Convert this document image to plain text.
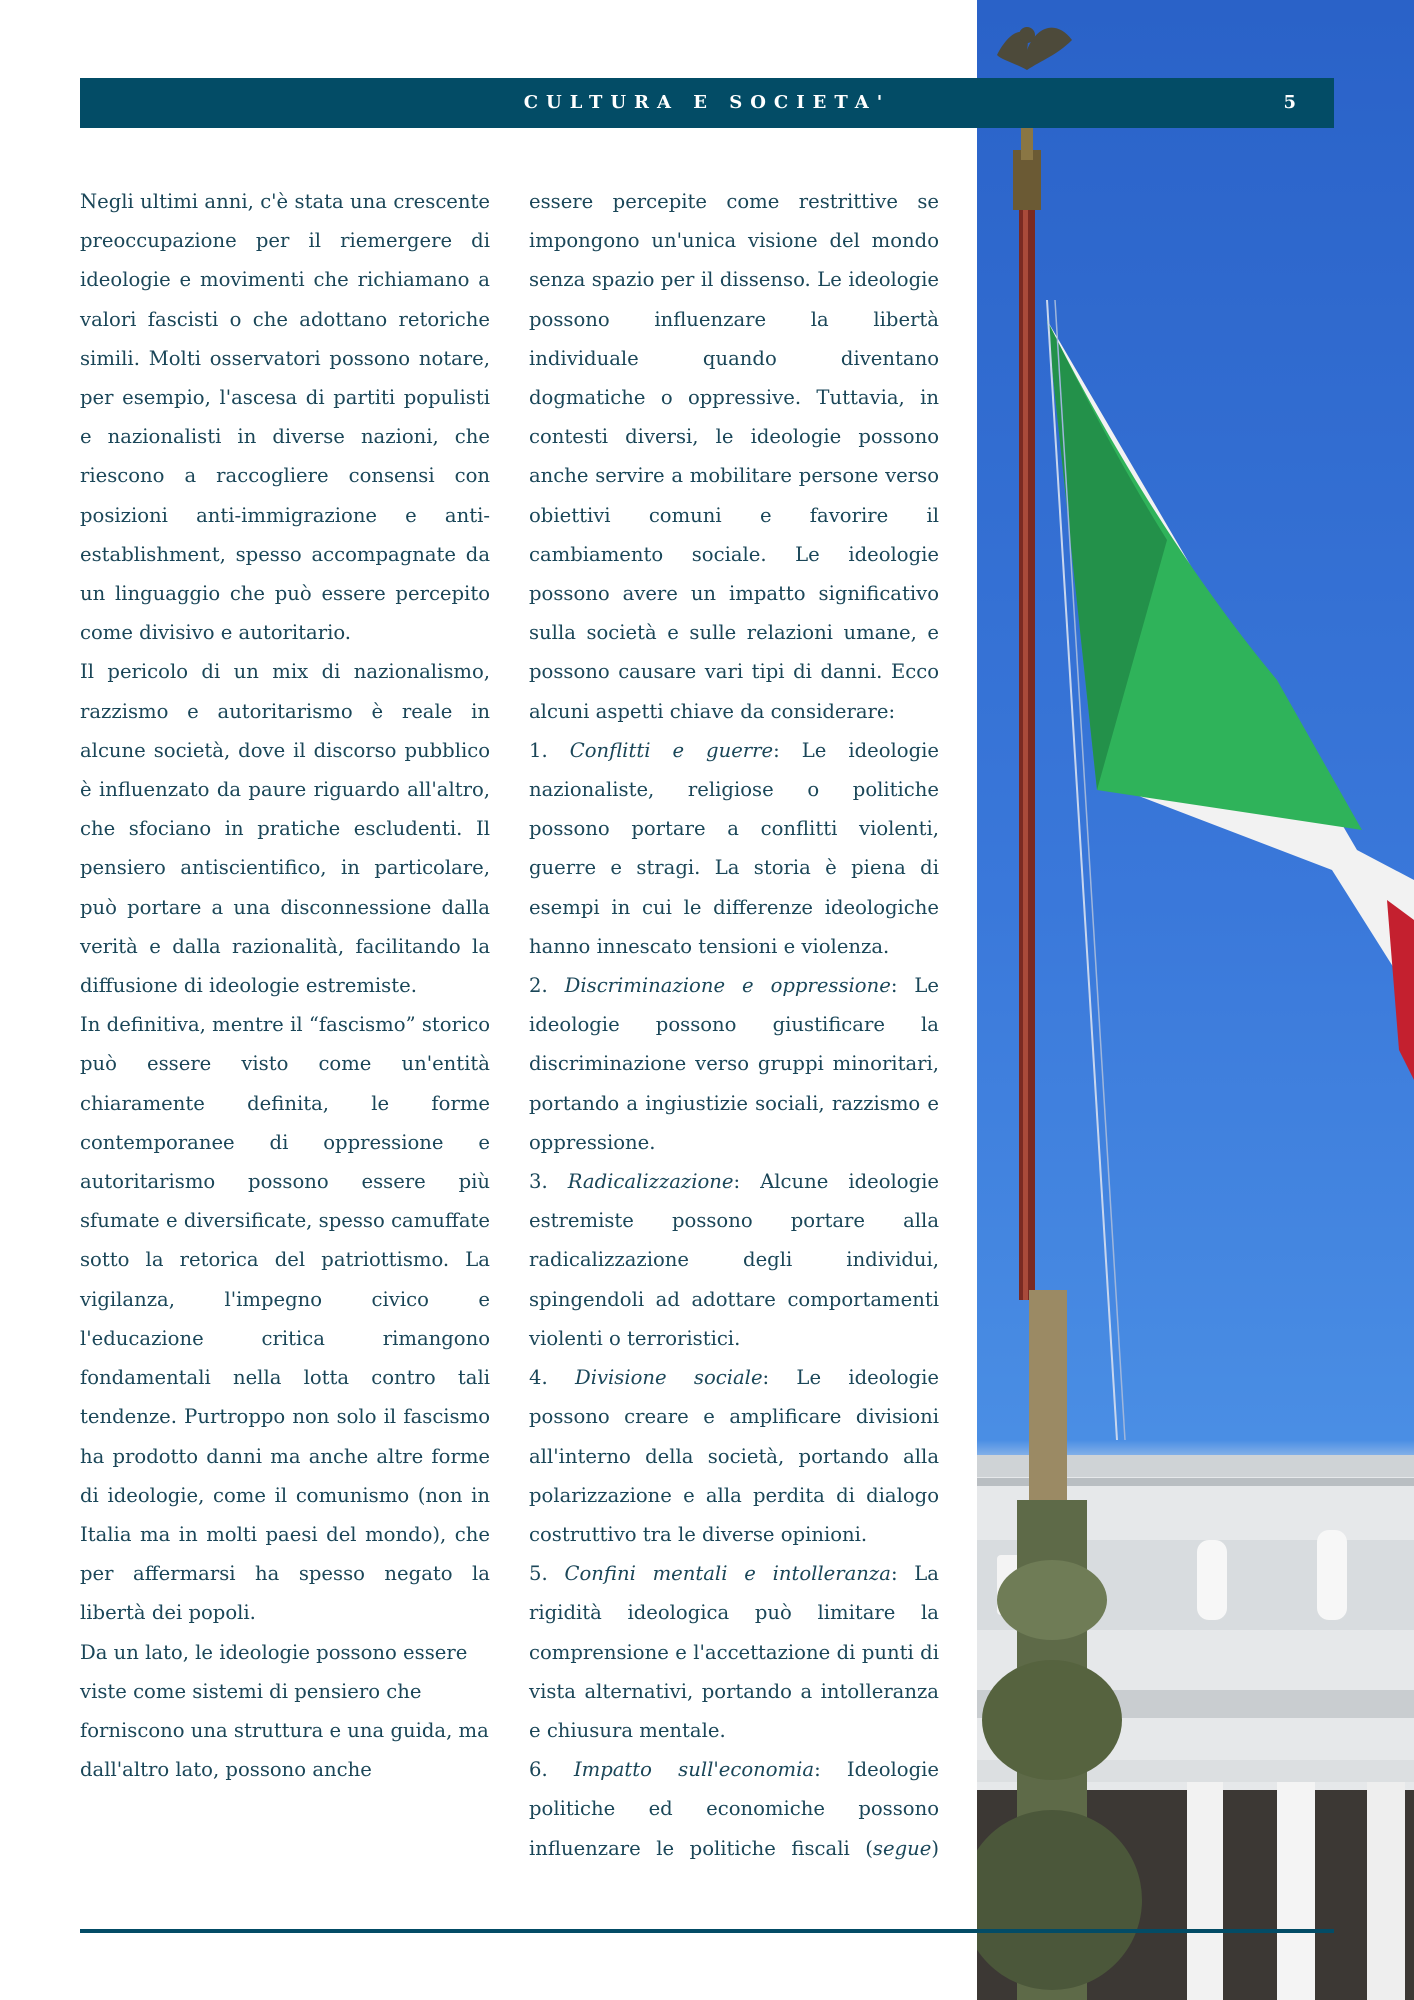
CULTURA E SOCIETA'	5

Negli ultimi anni, c'è stata una crescente preoccupazione per il riemergere di ideologie e movimenti che richiamano a valori fascisti o che adottano retoriche simili. Molti osservatori possono notare, per esempio, l'ascesa di partiti populisti e nazionalisti in diverse nazioni, che riescono a raccogliere consensi con posizioni anti-immigrazione e anti-establishment, spesso accompagnate da un linguaggio che può essere percepito come divisivo e autoritario.

Il pericolo di un mix di nazionalismo, razzismo e autoritarismo è reale in alcune società, dove il discorso pubblico è influenzato da paure riguardo all'altro, che sfociano in pratiche escludenti. Il pensiero antiscientifico, in particolare, può portare a una disconnessione dalla verità e dalla razionalità, facilitando la diffusione di ideologie estremiste.

In definitiva, mentre il “fascismo” storico può essere visto come un'entità chiaramente definita, le forme contemporanee di oppressione e autoritarismo possono essere più sfumate e diversificate, spesso camuffate sotto la retorica del patriottismo. La vigilanza, l'impegno civico e l'educazione critica rimangono fondamentali nella lotta contro tali tendenze. Purtroppo non solo il fascismo ha prodotto danni ma anche altre forme di ideologie, come il comunismo (non in Italia ma in molti paesi del mondo), che per affermarsi ha spesso negato la libertà dei popoli.

Da un lato, le ideologie possono essere viste come sistemi di pensiero che forniscono una struttura e una guida, ma dall'altro lato, possono anche

essere percepite come restrittive se impongono un'unica visione del mondo senza spazio per il dissenso. Le ideologie possono influenzare la libertà individuale quando diventano dogmatiche o oppressive. Tuttavia, in contesti diversi, le ideologie possono anche servire a mobilitare persone verso obiettivi comuni e favorire il cambiamento sociale. Le ideologie possono avere un impatto significativo sulla società e sulle relazioni umane, e possono causare vari tipi di danni. Ecco alcuni aspetti chiave da considerare:

1. Conflitti e guerre: Le ideologie nazionaliste, religiose o politiche possono portare a conflitti violenti, guerre e stragi. La storia è piena di esempi in cui le differenze ideologiche hanno innescato tensioni e violenza.

2. Discriminazione e oppressione: Le ideologie possono giustificare la discriminazione verso gruppi minoritari, portando a ingiustizie sociali, razzismo e oppressione.

3. Radicalizzazione: Alcune ideologie estremiste possono portare alla radicalizzazione degli individui, spingendoli ad adottare comportamenti violenti o terroristici.

4. Divisione sociale: Le ideologie possono creare e amplificare divisioni all'interno della società, portando alla polarizzazione e alla perdita di dialogo costruttivo tra le diverse opinioni.

5. Confini mentali e intolleranza: La rigidità ideologica può limitare la comprensione e l'accettazione di punti di vista alternativi, portando a intolleranza e chiusura mentale.

6. Impatto sull'economia: Ideologie politiche ed economiche possono influenzare le politiche fiscali (segue)
